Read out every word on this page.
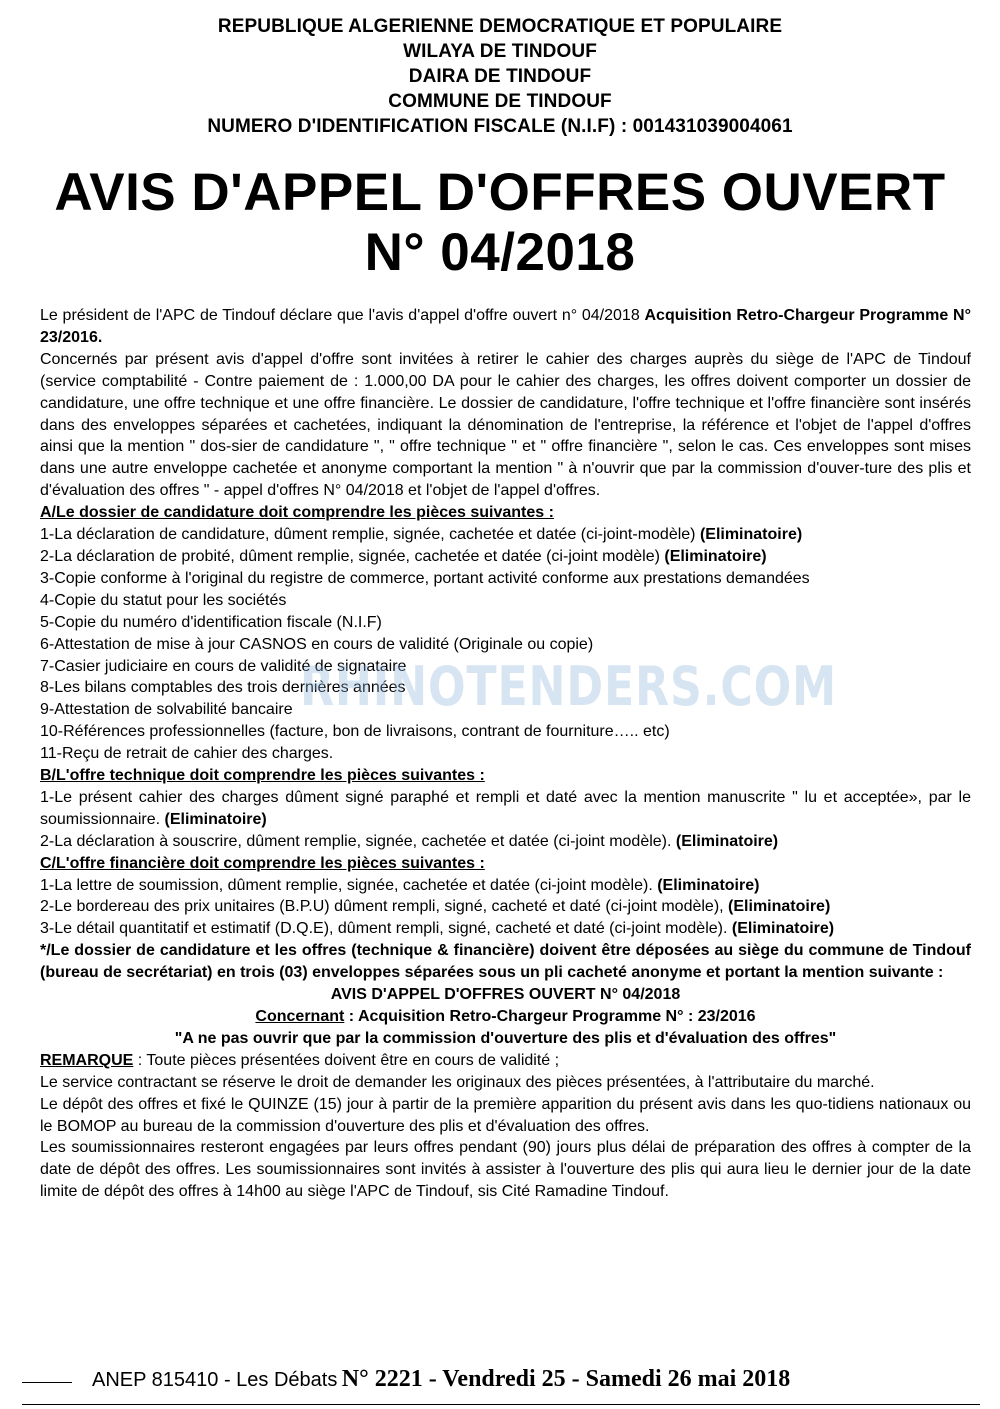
REPUBLIQUE ALGERIENNE DEMOCRATIQUE ET POPULAIRE
WILAYA DE TINDOUF
DAIRA DE TINDOUF
COMMUNE DE TINDOUF
NUMERO D'IDENTIFICATION FISCALE (N.I.F) : 001431039004061
AVIS D'APPEL D'OFFRES OUVERT
N° 04/2018

Le président de l'APC de Tindouf déclare que l'avis d'appel d'offre ouvert n° 04/2018 Acquisition Retro-Chargeur Programme N° 23/2016.

Concernés par présent avis d'appel d'offre sont invitées à retirer le cahier des charges auprès du siège de l'APC de Tindouf (service comptabilité - Contre paiement de : 1.000,00 DA pour le cahier des charges, les offres doivent comporter un dossier de candidature, une offre technique et une offre financière. Le dossier de candidature, l'offre technique et l'offre financière sont insérés dans des enveloppes séparées et cachetées, indiquant la dénomination de l'entreprise, la référence et l'objet de l'appel d'offres ainsi que la mention " dos-sier de candidature ", " offre technique " et " offre financière ", selon le cas. Ces enveloppes sont mises dans une autre enveloppe cachetée et anonyme comportant la mention " à n'ouvrir que par la commission d'ouver-ture des plis et d'évaluation des offres " - appel d'offres N° 04/2018 et l'objet de l'appel d'offres.

A/Le dossier de candidature doit comprendre les pièces suivantes :

1-La déclaration de candidature, dûment remplie, signée, cachetée et datée (ci-joint-modèle) (Eliminatoire)

2-La déclaration de probité, dûment remplie, signée, cachetée et datée (ci-joint modèle) (Eliminatoire)

3-Copie conforme à l'original du registre de commerce, portant activité conforme aux prestations demandées

4-Copie du statut pour les sociétés

5-Copie du numéro d'identification fiscale (N.I.F)

6-Attestation de mise à jour CASNOS en cours de validité (Originale ou copie)

7-Casier judiciaire en cours de validité de signataire

8-Les bilans comptables des trois dernières années

9-Attestation de solvabilité bancaire

10-Références professionnelles (facture, bon de livraisons, contrant de fourniture….. etc)

11-Reçu de retrait de cahier des charges.

B/L'offre technique doit comprendre les pièces suivantes :

1-Le présent cahier des charges dûment signé paraphé et rempli et daté avec la mention manuscrite " lu et acceptée», par le soumissionnaire. (Eliminatoire)

2-La déclaration à souscrire, dûment remplie, signée, cachetée et datée (ci-joint modèle). (Eliminatoire)

C/L'offre financière doit comprendre les pièces suivantes :

1-La lettre de soumission, dûment remplie, signée, cachetée et datée (ci-joint modèle). (Eliminatoire)

2-Le bordereau des prix unitaires (B.P.U) dûment rempli, signé, cacheté et daté (ci-joint modèle), (Eliminatoire)

3-Le détail quantitatif et estimatif (D.Q.E), dûment rempli, signé, cacheté et daté (ci-joint modèle). (Eliminatoire)

*/Le dossier de candidature et les offres (technique & financière) doivent être déposées au siège du commune de Tindouf (bureau de secrétariat) en trois (03) enveloppes séparées sous un pli cacheté anonyme et portant la mention suivante :

AVIS D'APPEL D'OFFRES OUVERT N° 04/2018

Concernant : Acquisition Retro-Chargeur Programme N° : 23/2016

"A ne pas ouvrir que par la commission d'ouverture des plis et d'évaluation des offres"

REMARQUE : Toute pièces présentées doivent être en cours de validité ;

Le service contractant se réserve le droit de demander les originaux des pièces présentées, à l'attributaire du marché.

Le dépôt des offres et fixé le QUINZE (15) jour à partir de la première apparition du présent avis dans les quo-tidiens nationaux ou le BOMOP au bureau de la commission d'ouverture des plis et d'évaluation des offres.

Les soumissionnaires resteront engagées par leurs offres pendant (90) jours plus délai de préparation des offres à compter de la date de dépôt des offres. Les soumissionnaires sont invités à assister à l'ouverture des plis qui aura lieu le dernier jour de la date limite de dépôt des offres à 14h00 au siège l'APC de Tindouf, sis Cité Ramadine Tindouf.

RHINOTENDERS.COM
ANEP 815410 - Les Débats N° 2221 - Vendredi 25 - Samedi 26 mai 2018
